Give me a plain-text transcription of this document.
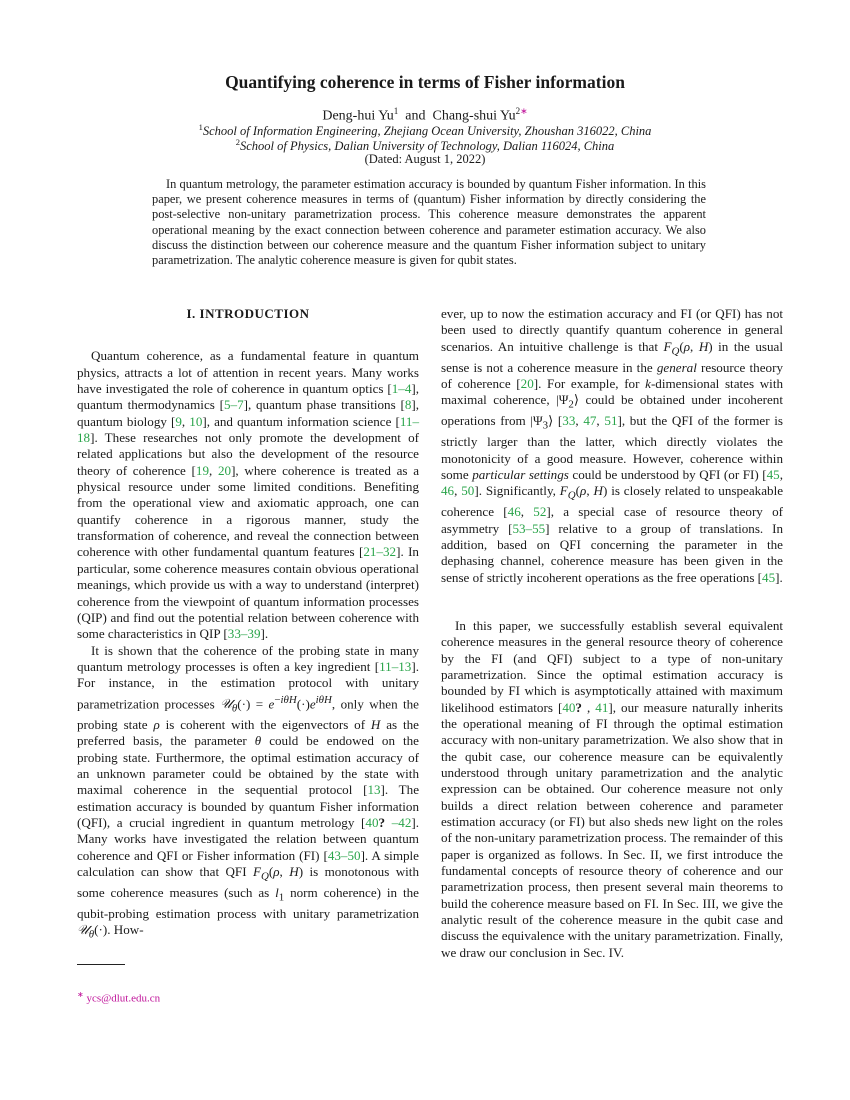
Quantifying coherence in terms of Fisher information
Deng-hui Yu$^1$ and Chang-shui $Yu^{2∗}$
$^1$School of Information Engineering, Zhejiang Ocean University, Zhoushan 316022, China
$^2$School of Physics, Dalian University of Technology, Dalian 116024, China
(Dated: August 1, 2022)

In quantum metrology, the parameter estimation accuracy is bounded by quantum Fisher information. In this paper, we present coherence measures in terms of (quantum) Fisher information by directly considering the post-selective non-unitary parametrization process. This coherence measure demonstrates the apparent operational meaning by the exact connection between coherence and parameter estimation accuracy. We also discuss the distinction between our coherence measure and the quantum Fisher information subject to unitary parametrization. The analytic coherence measure is given for qubit states.

I. INTRODUCTION

Quantum coherence, as a fundamental feature in quantum physics, attracts a lot of attention in recent years. Many works have investigated the role of coherence in quantum optics [1–4], quantum thermodynamics [5–7], quantum phase transitions [8], quantum biology [9, 10], and quantum information science [11–18]. These researches not only promote the development of related applications but also the development of the resource theory of coherence [19, 20], where coherence is treated as a physical resource under some limited conditions. Benefiting from the operational view and axiomatic approach, one can quantify coherence in a rigorous manner, study the transformation of coherence, and reveal the connection between coherence with other fundamental quantum features [21–32]. In particular, some coherence measures contain obvious operational meanings, which provide us with a way to understand (interpret) coherence from the viewpoint of quantum information processes (QIP) and find out the potential relation between coherence with some characteristics in QIP [33–39].

It is shown that the coherence of the probing state in many quantum metrology processes is often a key ingredient [11–13]. For instance, in the estimation protocol with unitary parametrization processes 𝒰$_\theta$(·) = $e^{-i\theta H}(\cdot)e^{i\theta H}$, only when the probing state ρ is coherent with the eigenvectors of H as the preferred basis, the parameter θ could be endowed on the probing state. Furthermore, the optimal estimation accuracy of an unknown parameter could be obtained by the state with maximal coherence in the sequential protocol [13]. The estimation accuracy is bounded by quantum Fisher information (QFI), a crucial ingredient in quantum metrology [40? –42]. Many works have investigated the relation between quantum coherence and QFI or Fisher information (FI) [43–50]. A simple calculation can show that QFI $F_Q(\rho$, H) is monotonous with some coherence measures (such as $l_1$ norm coherence) in the qubit-probing estimation process with unitary parametrization 𝒰$_\theta$(·). How-

ever, up to now the estimation accuracy and FI (or QFI) has not been used to directly quantify quantum coherence in general scenarios. An intuitive challenge is that $F_Q(\rho$, H) in the usual sense is not a coherence measure in the general resource theory of coherence [20]. For example, for k-dimensional states with maximal coherence, $|\Psi_2⟩$ could be obtained under incoherent operations from $|\Psi_3⟩$ [33, 47, 51], but the QFI of the former is strictly larger than the latter, which directly violates the monotonicity of a good measure. However, coherence within some particular settings could be understood by QFI (or FI) [45, 46, 50]. Significantly, $F_Q(\rho$, H) is closely related to unspeakable coherence [46, 52], a special case of resource theory of asymmetry [53–55] relative to a group of translations. In addition, based on QFI concerning the parameter in the dephasing channel, coherence measure has been given in the sense of strictly incoherent operations as the free operations [45].

In this paper, we successfully establish several equivalent coherence measures in the general resource theory of coherence by the FI (and QFI) subject to a type of non-unitary parametrization. Since the optimal estimation accuracy is bounded by FI which is asymptotically attained with maximum likelihood estimators [40? , 41], our measure naturally inherits the operational meaning of FI through the optimal estimation accuracy with non-unitary parametrization. We also show that in the qubit case, our coherence measure can be equivalently understood through unitary parametrization and the analytic expression can be obtained. Our coherence measure not only builds a direct relation between coherence and parameter estimation accuracy (or FI) but also sheds new light on the roles of the non-unitary parametrization process. The remainder of this paper is organized as follows. In Sec. II, we first introduce the fundamental concepts of resource theory of coherence and our parametrization process, then present several main theorems to build the coherence measure based on FI. In Sec. III, we give the analytic result of the coherence measure in the qubit case and discuss the equivalence with the unitary parametrization. Finally, we draw our conclusion in Sec. IV.

∗ ycs@dlut.edu.cn
